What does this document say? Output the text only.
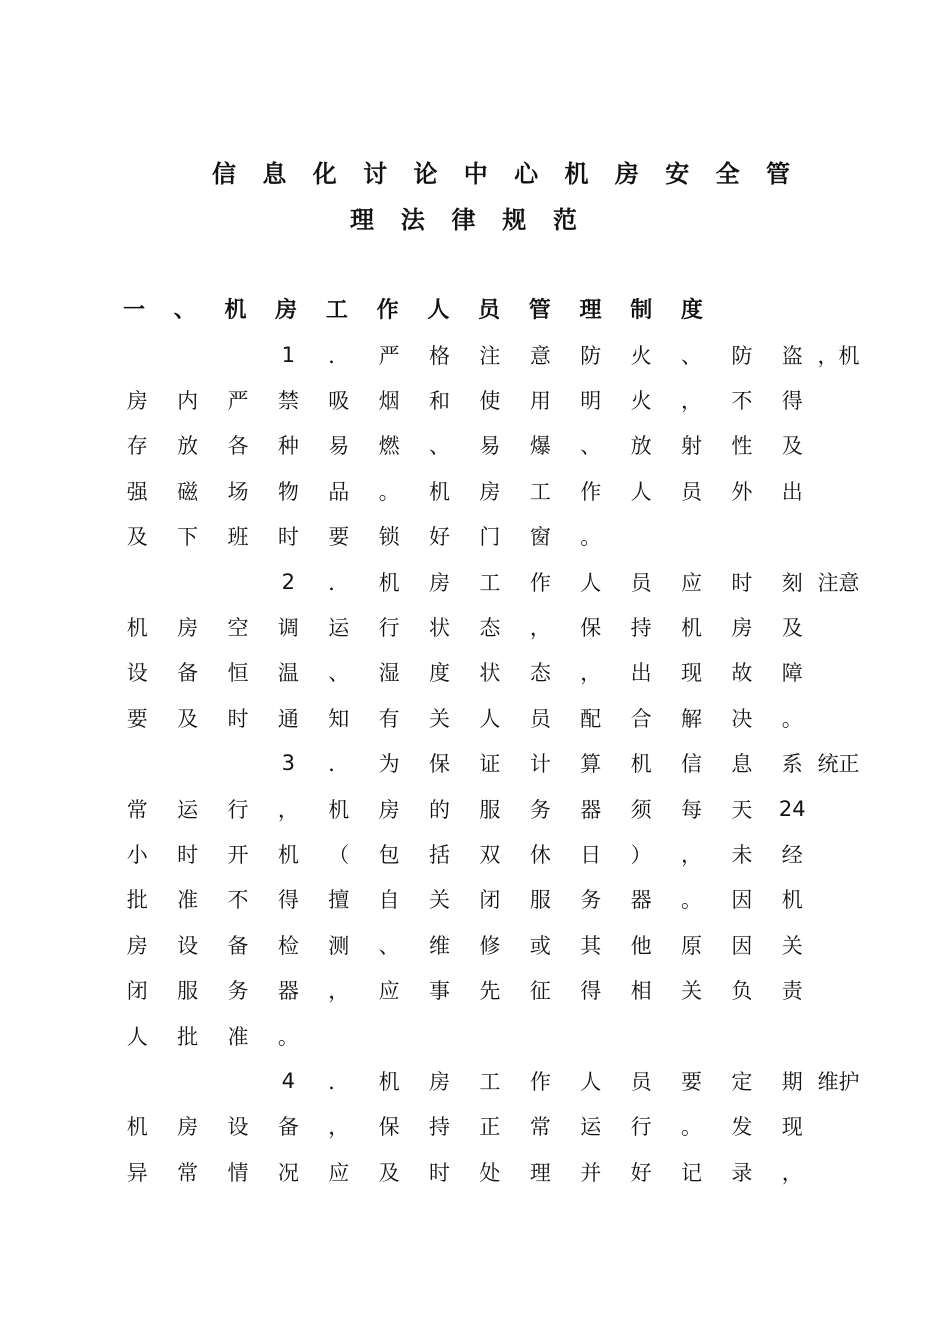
信 息 化 讨 论 中 心 机 房 安 全 管
理 法 律 规 范
一 、 机 房 工 作 人 员 管 理 制 度
1	．	严	格	注	意	防	火	、	防	盗 ， 机
房	内	严	禁	吸	烟	和	使	用	明	火	，	不	得
存	放	各	种	易	燃	、	易	爆	、	放	射	性	及
强	磁	场	物	品	。	机	房	工	作	人	员	外	出
及	下	班	时	要	锁	好	门	窗	。
2	．	机	房	工	作	人	员	应	时	刻 注 意
机	房	空	调	运	行	状	态	，	保	持	机	房	及
设	备	恒	温	、	湿	度	状	态	，	出	现	故	障
要	及	时	通	知	有	关	人	员	配	合	解	决	。
3	．	为	保	证	计	算	机	信	息	系 统 正
常	运	行	，	机	房	的	服	务	器	须	每	天	24
小	时	开	机	（	包	括	双	休	日	）	，	未	经
批	准	不	得	擅	自	关	闭	服	务	器	。	因	机
房	设	备	检	测	、	维	修	或	其	他	原	因	关
闭	服	务	器	，	应	事	先	征	得	相	关	负	责
人	批	准	。
4	．	机	房	工	作	人	员	要	定	期 维 护
机	房	设	备	，	保	持	正	常	运	行	。	发	现
异	常	情	况	应	及	时	处	理	并	好	记	录	，
